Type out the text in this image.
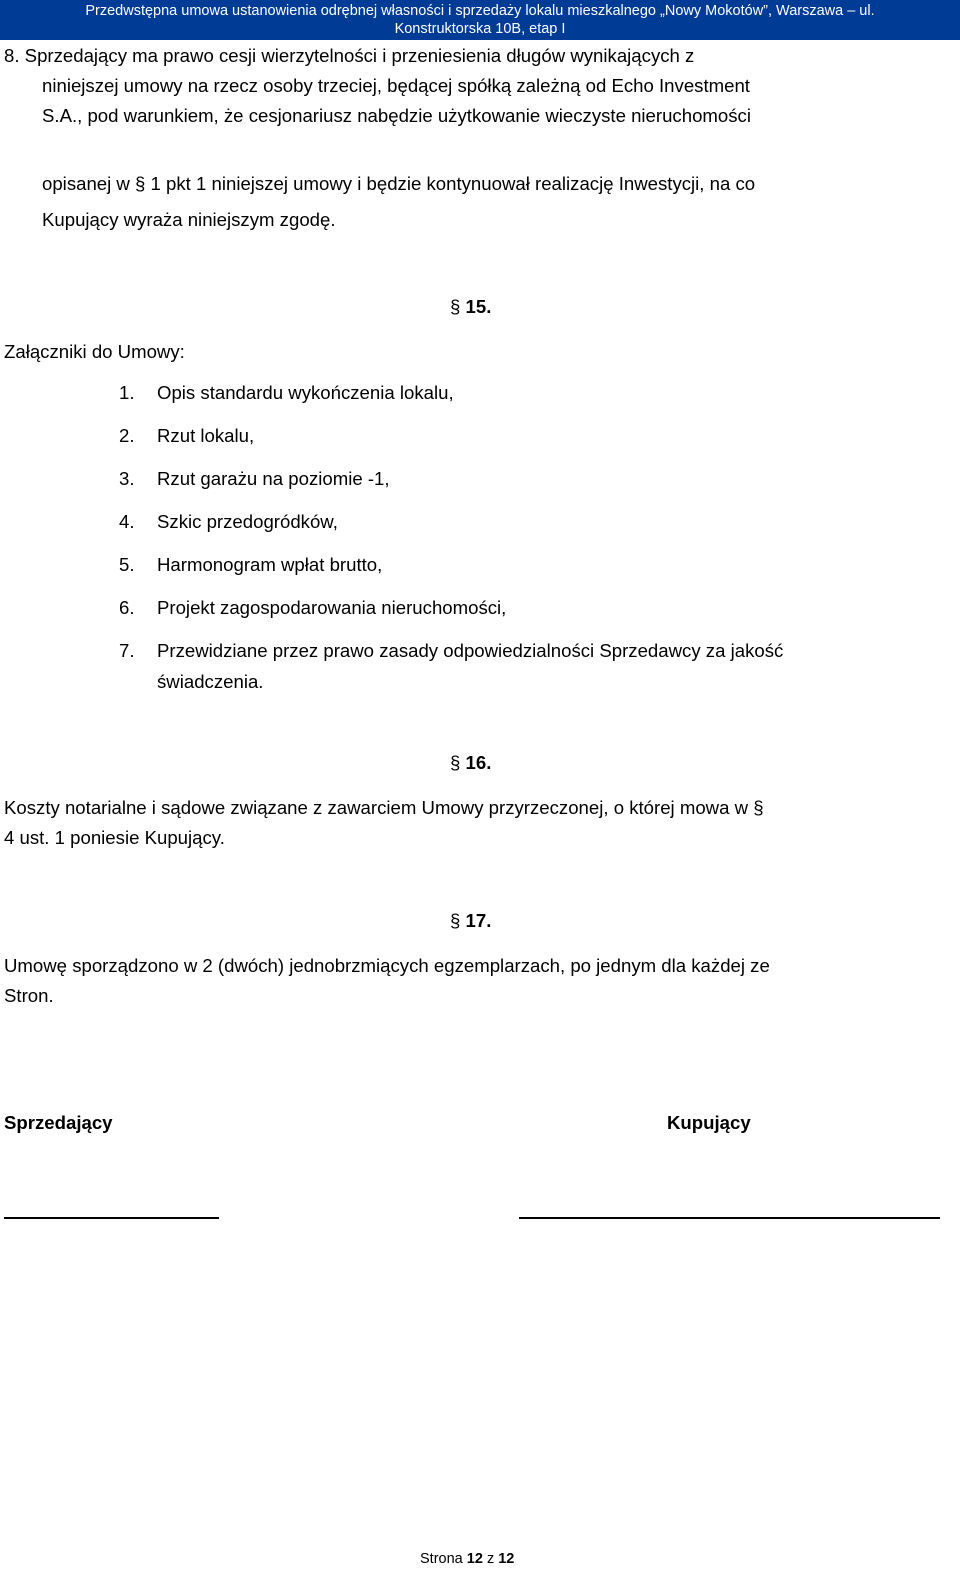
Przedwstępna umowa ustanowienia odrębnej własności i sprzedaży lokalu mieszkalnego „Nowy Mokotów”, Warszawa – ul.
Konstruktorska 10B, etap I
8. Sprzedający ma prawo cesji wierzytelności i przeniesienia długów wynikających z
niniejszej umowy na rzecz osoby trzeciej, będącej spółką zależną od Echo Investment
S.A., pod warunkiem, że cesjonariusz nabędzie użytkowanie wieczyste nieruchomości
opisanej w § 1 pkt 1 niniejszej umowy i będzie kontynuował realizację Inwestycji, na co
Kupujący wyraża niniejszym zgodę.
§ 15.
Załączniki do Umowy:
1. Opis standardu wykończenia lokalu,
2. Rzut lokalu,
3. Rzut garażu na poziomie -1,
4. Szkic przedogródków,
5. Harmonogram wpłat brutto,
6. Projekt zagospodarowania nieruchomości,
7. Przewidziane przez prawo zasady odpowiedzialności Sprzedawcy za jakość
świadczenia.
§ 16.
Koszty notarialne i sądowe związane z zawarciem Umowy przyrzeczonej, o której mowa w §
4 ust. 1 poniesie Kupujący.
§ 17.
Umowę sporządzono w 2 (dwóch) jednobrzmiących egzemplarzach, po jednym dla każdej ze
Stron.
Sprzedający	Kupujący
Strona 12 z 12
